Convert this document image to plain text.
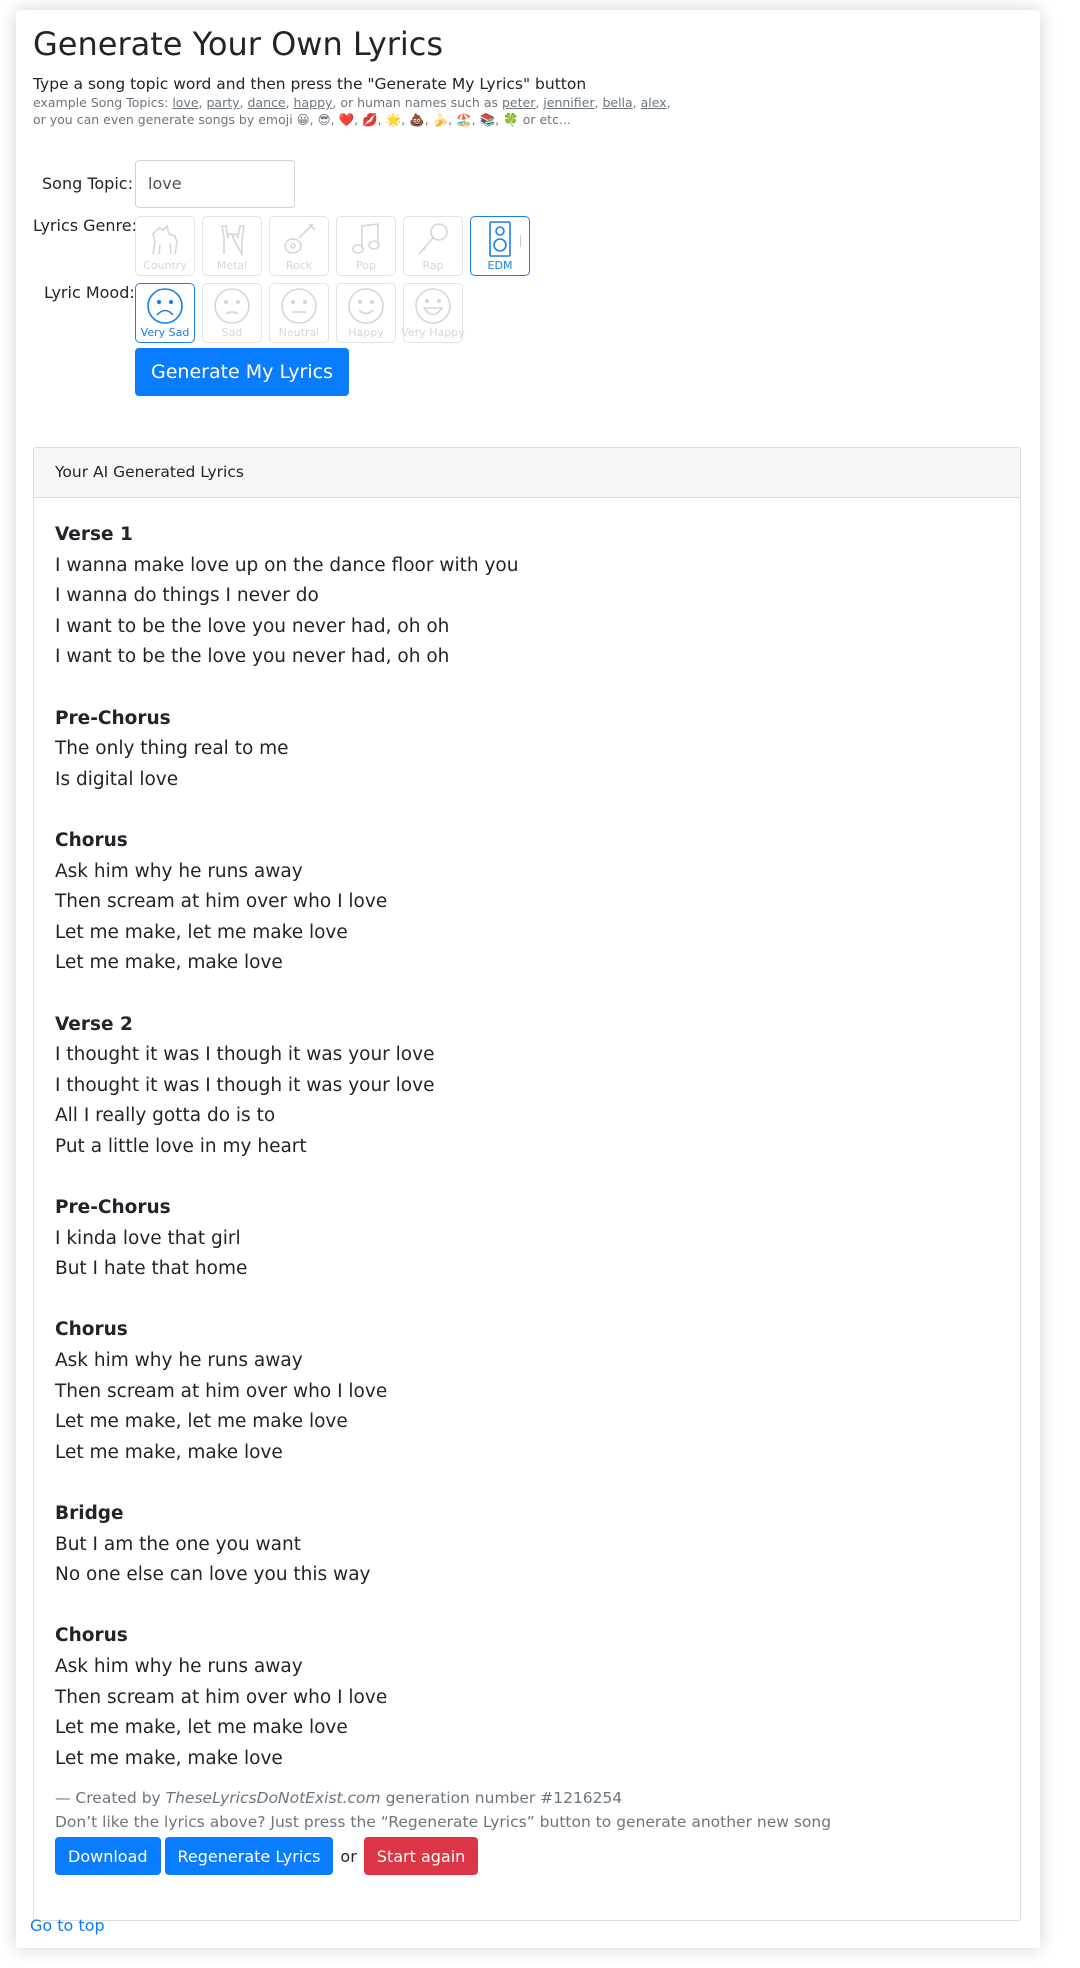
Generate Your Own Lyrics
Type a song topic word and then press the "Generate My Lyrics" button
example Song Topics: love, party, dance, happy, or human names such as peter, jennifier, bella, alex,
or you can even generate songs by emoji 😀, 😎, ❤️, 💋, 🌟, 💩, 🍌, 🏖️, 📚, 🍀 or etc...
Song Topic: love
Lyrics Genre:
Country	Metal	Rock	Pop	Rap	EDM
Lyric Mood:
Very Sad	Sad	Neutral	Happy Very Happy
Generate My Lyrics
Your AI Generated Lyrics
Verse 1
I wanna make love up on the dance floor with you
I wanna do things I never do
I want to be the love you never had, oh oh
I want to be the love you never had, oh oh
Pre-Chorus
The only thing real to me
Is digital love
Chorus
Ask him why he runs away
Then scream at him over who I love
Let me make, let me make love
Let me make, make love
Verse 2
I thought it was I though it was your love
I thought it was I though it was your love
All I really gotta do is to
Put a little love in my heart
Pre-Chorus
I kinda love that girl
But I hate that home
Chorus
Ask him why he runs away
Then scream at him over who I love
Let me make, let me make love
Let me make, make love
Bridge
But I am the one you want
No one else can love you this way
Chorus
Ask him why he runs away
Then scream at him over who I love
Let me make, let me make love
Let me make, make love
— Created by TheseLyricsDoNotExist.com generation number #1216254
Don’t like the lyrics above? Just press the “Regenerate Lyrics” button to generate another new song
Download	Regenerate Lyrics	or	Start again
Go to top
